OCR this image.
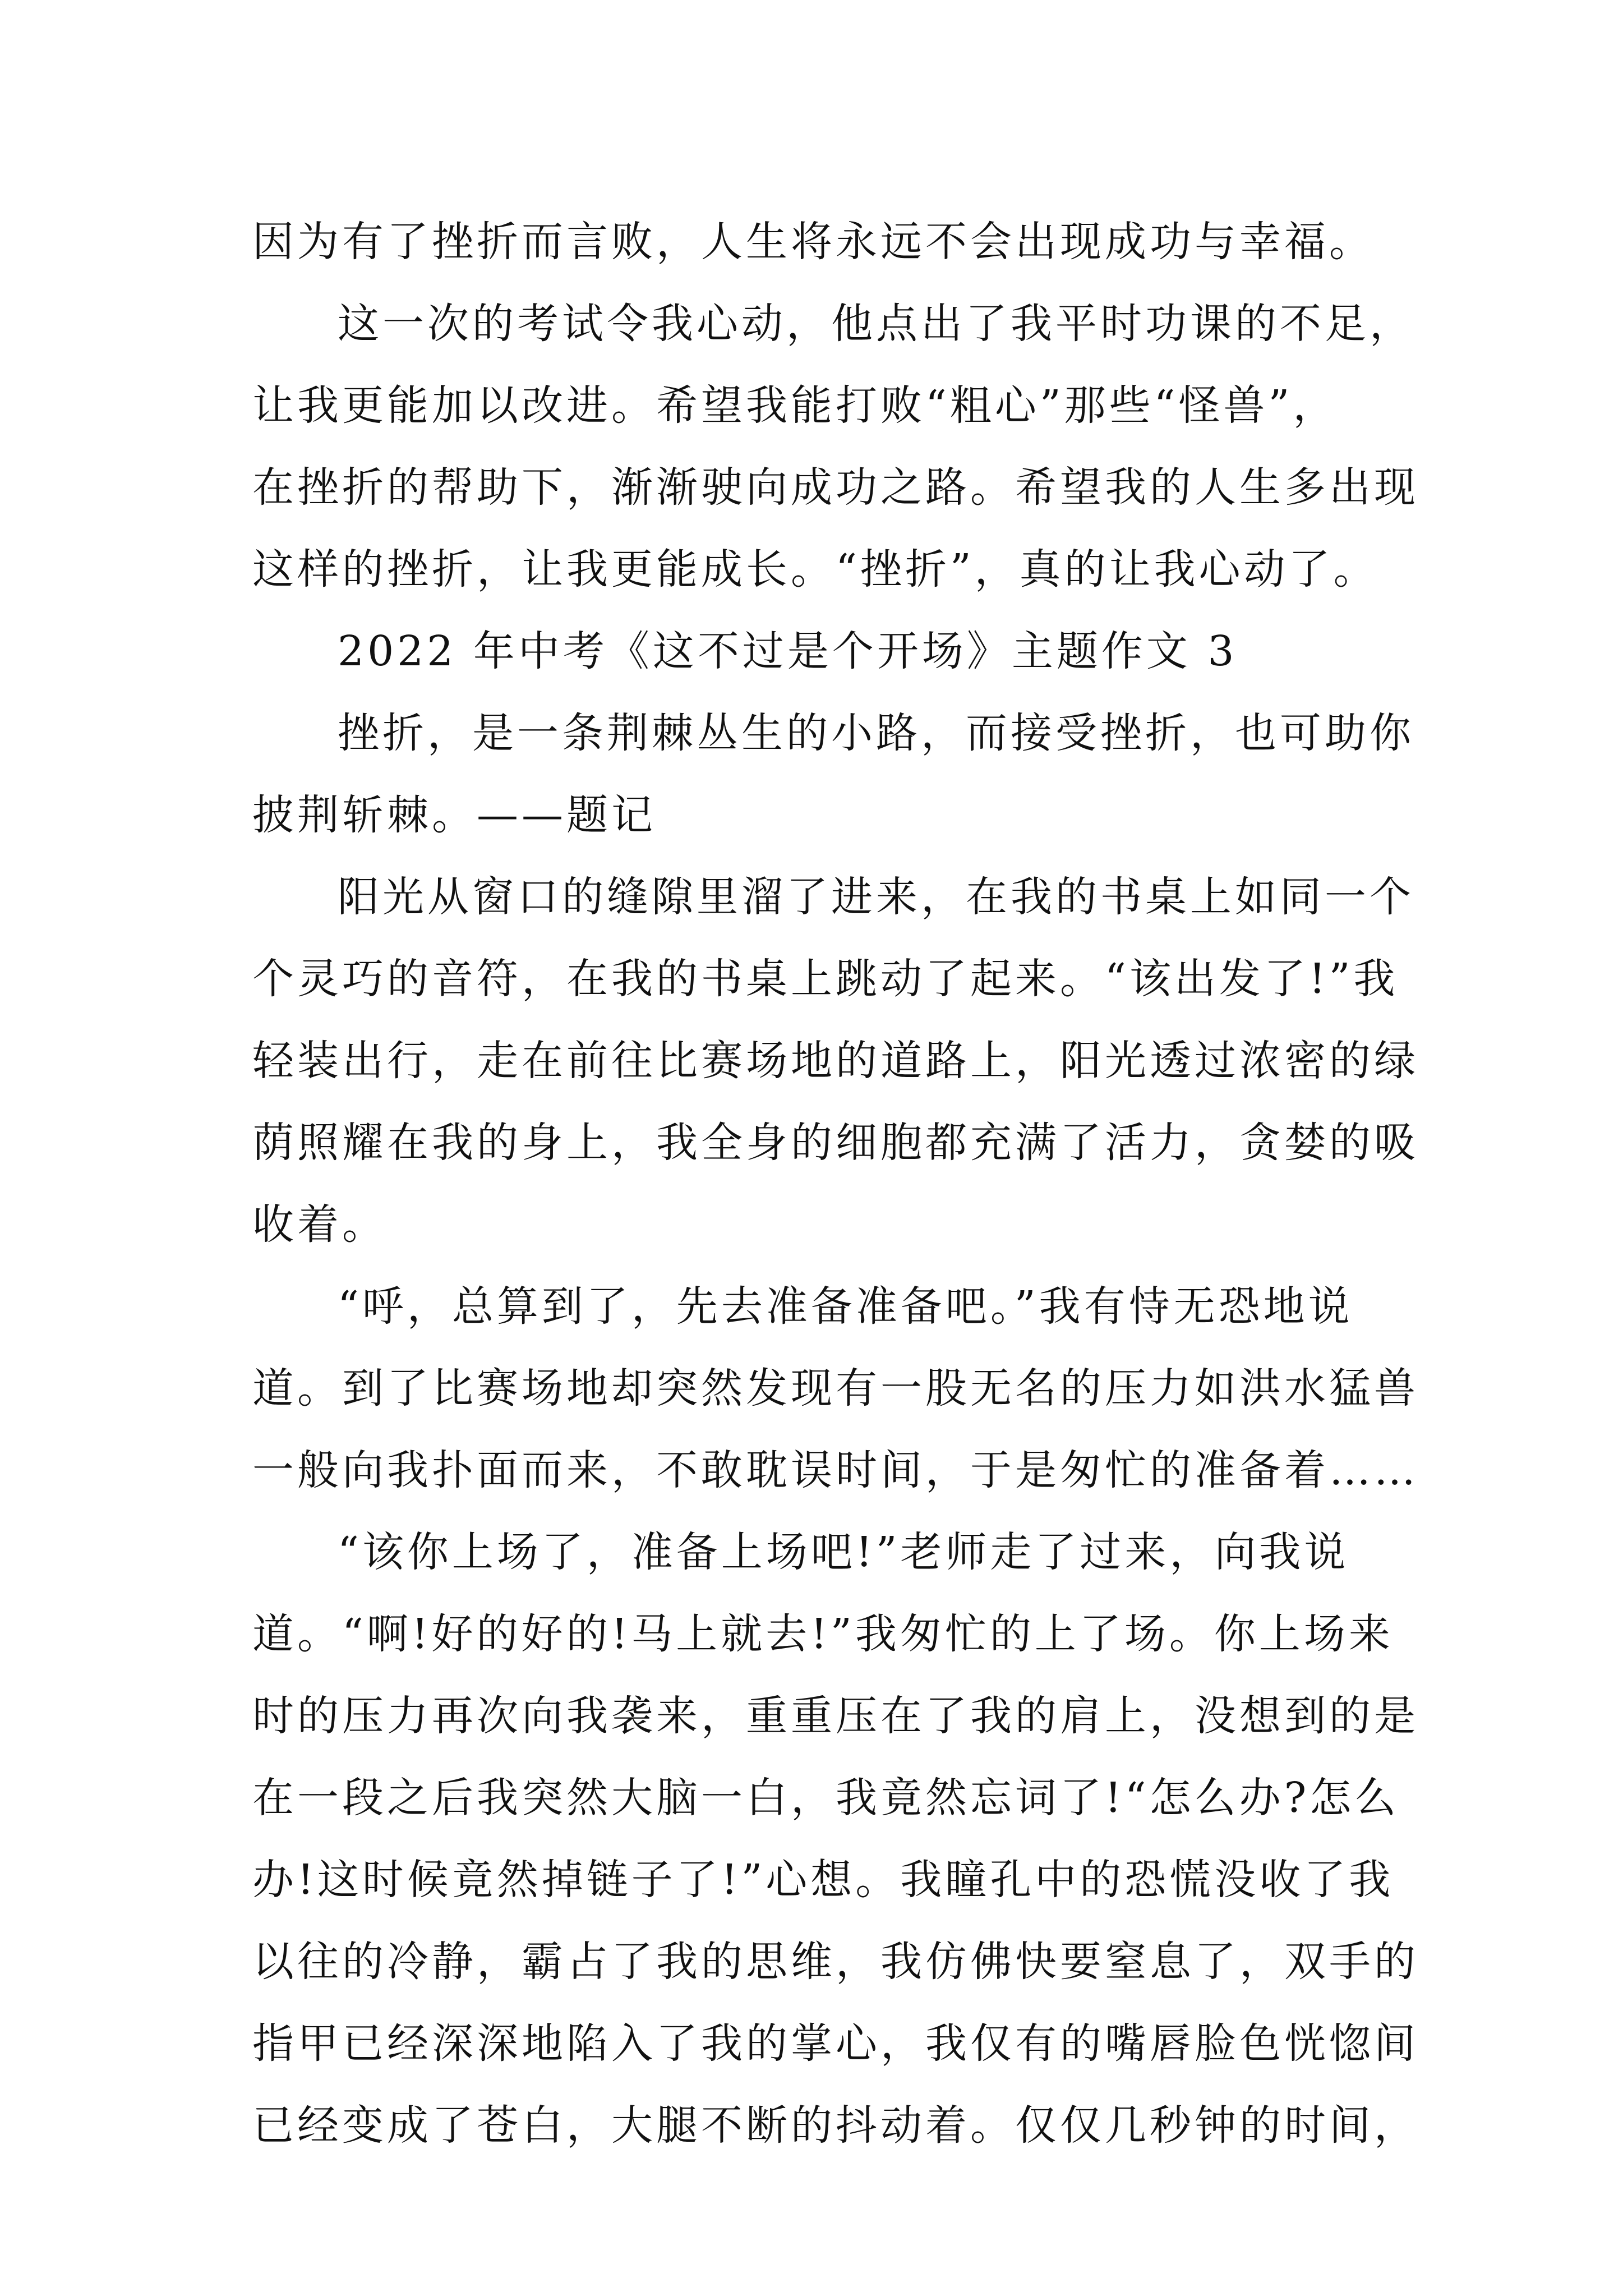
因为有了挫折而言败，人生将永远不会出现成功与幸福。
这一次的考试令我心动，他点出了我平时功课的不足，
让我更能加以改进。希望我能打败“粗心”那些“怪兽”，
在挫折的帮助下，渐渐驶向成功之路。希望我的人生多出现
这样的挫折，让我更能成长。“挫折”，真的让我心动了。
2022 年中考《这不过是个开场》主题作文 3
挫折，是一条荆棘丛生的小路，而接受挫折，也可助你
披荆斩棘。——题记
阳光从窗口的缝隙里溜了进来，在我的书桌上如同一个
个灵巧的音符，在我的书桌上跳动了起来。“该出发了!”我
轻装出行，走在前往比赛场地的道路上，阳光透过浓密的绿
荫照耀在我的身上，我全身的细胞都充满了活力，贪婪的吸
收着。
“呼，总算到了，先去准备准备吧。”我有恃无恐地说
道。到了比赛场地却突然发现有一股无名的压力如洪水猛兽
一般向我扑面而来，不敢耽误时间，于是匆忙的准备着……
“该你上场了，准备上场吧!”老师走了过来，向我说
道。“啊!好的好的!马上就去!”我匆忙的上了场。你上场来
时的压力再次向我袭来，重重压在了我的肩上，没想到的是
在一段之后我突然大脑一白，我竟然忘词了!“怎么办?怎么
办!这时候竟然掉链子了!”心想。我瞳孔中的恐慌没收了我
以往的冷静，霸占了我的思维，我仿佛快要窒息了，双手的
指甲已经深深地陷入了我的掌心，我仅有的嘴唇脸色恍惚间
已经变成了苍白，大腿不断的抖动着。仅仅几秒钟的时间，
